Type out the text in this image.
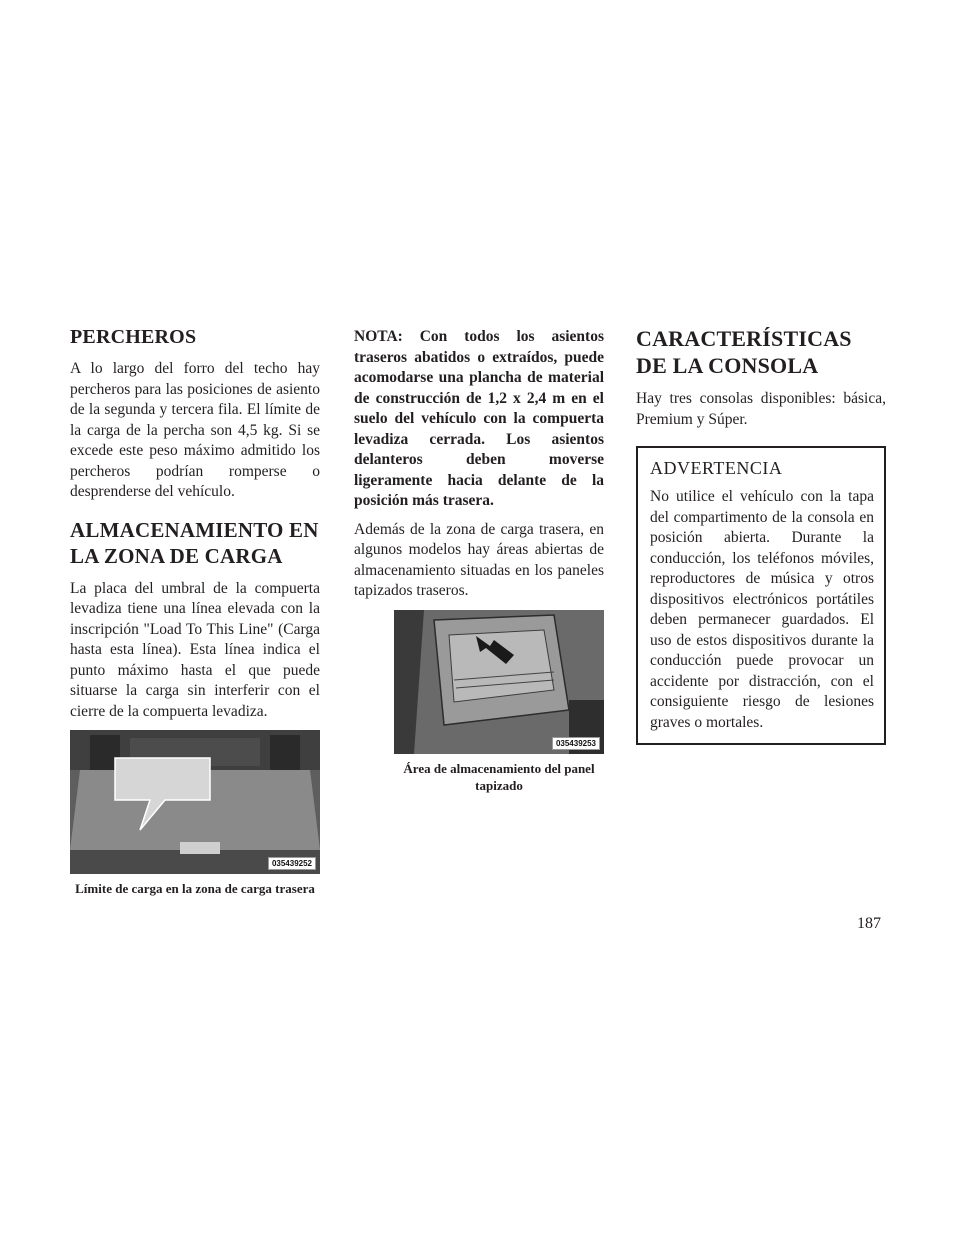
PERCHEROS

A lo largo del forro del techo hay percheros para las posiciones de asiento de la segunda y tercera fila. El límite de la carga de la percha son 4,5 kg. Si se excede este peso máximo admitido los percheros podrían romperse o desprenderse del vehículo.

ALMACENAMIENTO EN LA ZONA DE CARGA

La placa del umbral de la compuerta levadiza tiene una línea elevada con la inscripción "Load To This Line" (Carga hasta esta línea). Esta línea indica el punto máximo hasta el que puede situarse la carga sin interferir con el cierre de la compuerta levadiza.

035439252
Límite de carga en la zona de carga trasera

NOTA: Con todos los asientos traseros abatidos o extraídos, puede acomodarse una plancha de material de construcción de 1,2 x 2,4 m en el suelo del vehículo con la compuerta levadiza cerrada. Los asientos delanteros deben moverse ligeramente hacia delante de la posición más trasera.

Además de la zona de carga trasera, en algunos modelos hay áreas abiertas de almacenamiento situadas en los paneles tapizados traseros.

035439253
Área de almacenamiento del panel tapizado
CARACTERÍSTICAS DE LA CONSOLA

Hay tres consolas disponibles: básica, Premium y Súper.

ADVERTENCIA

No utilice el vehículo con la tapa del compartimento de la consola en posición abierta. Durante la conducción, los teléfonos móviles, reproductores de música y otros dispositivos electrónicos portátiles deben permanecer guardados. El uso de estos dispositivos durante la conducción puede provocar un accidente por distracción, con el consiguiente riesgo de lesiones graves o mortales.

187
